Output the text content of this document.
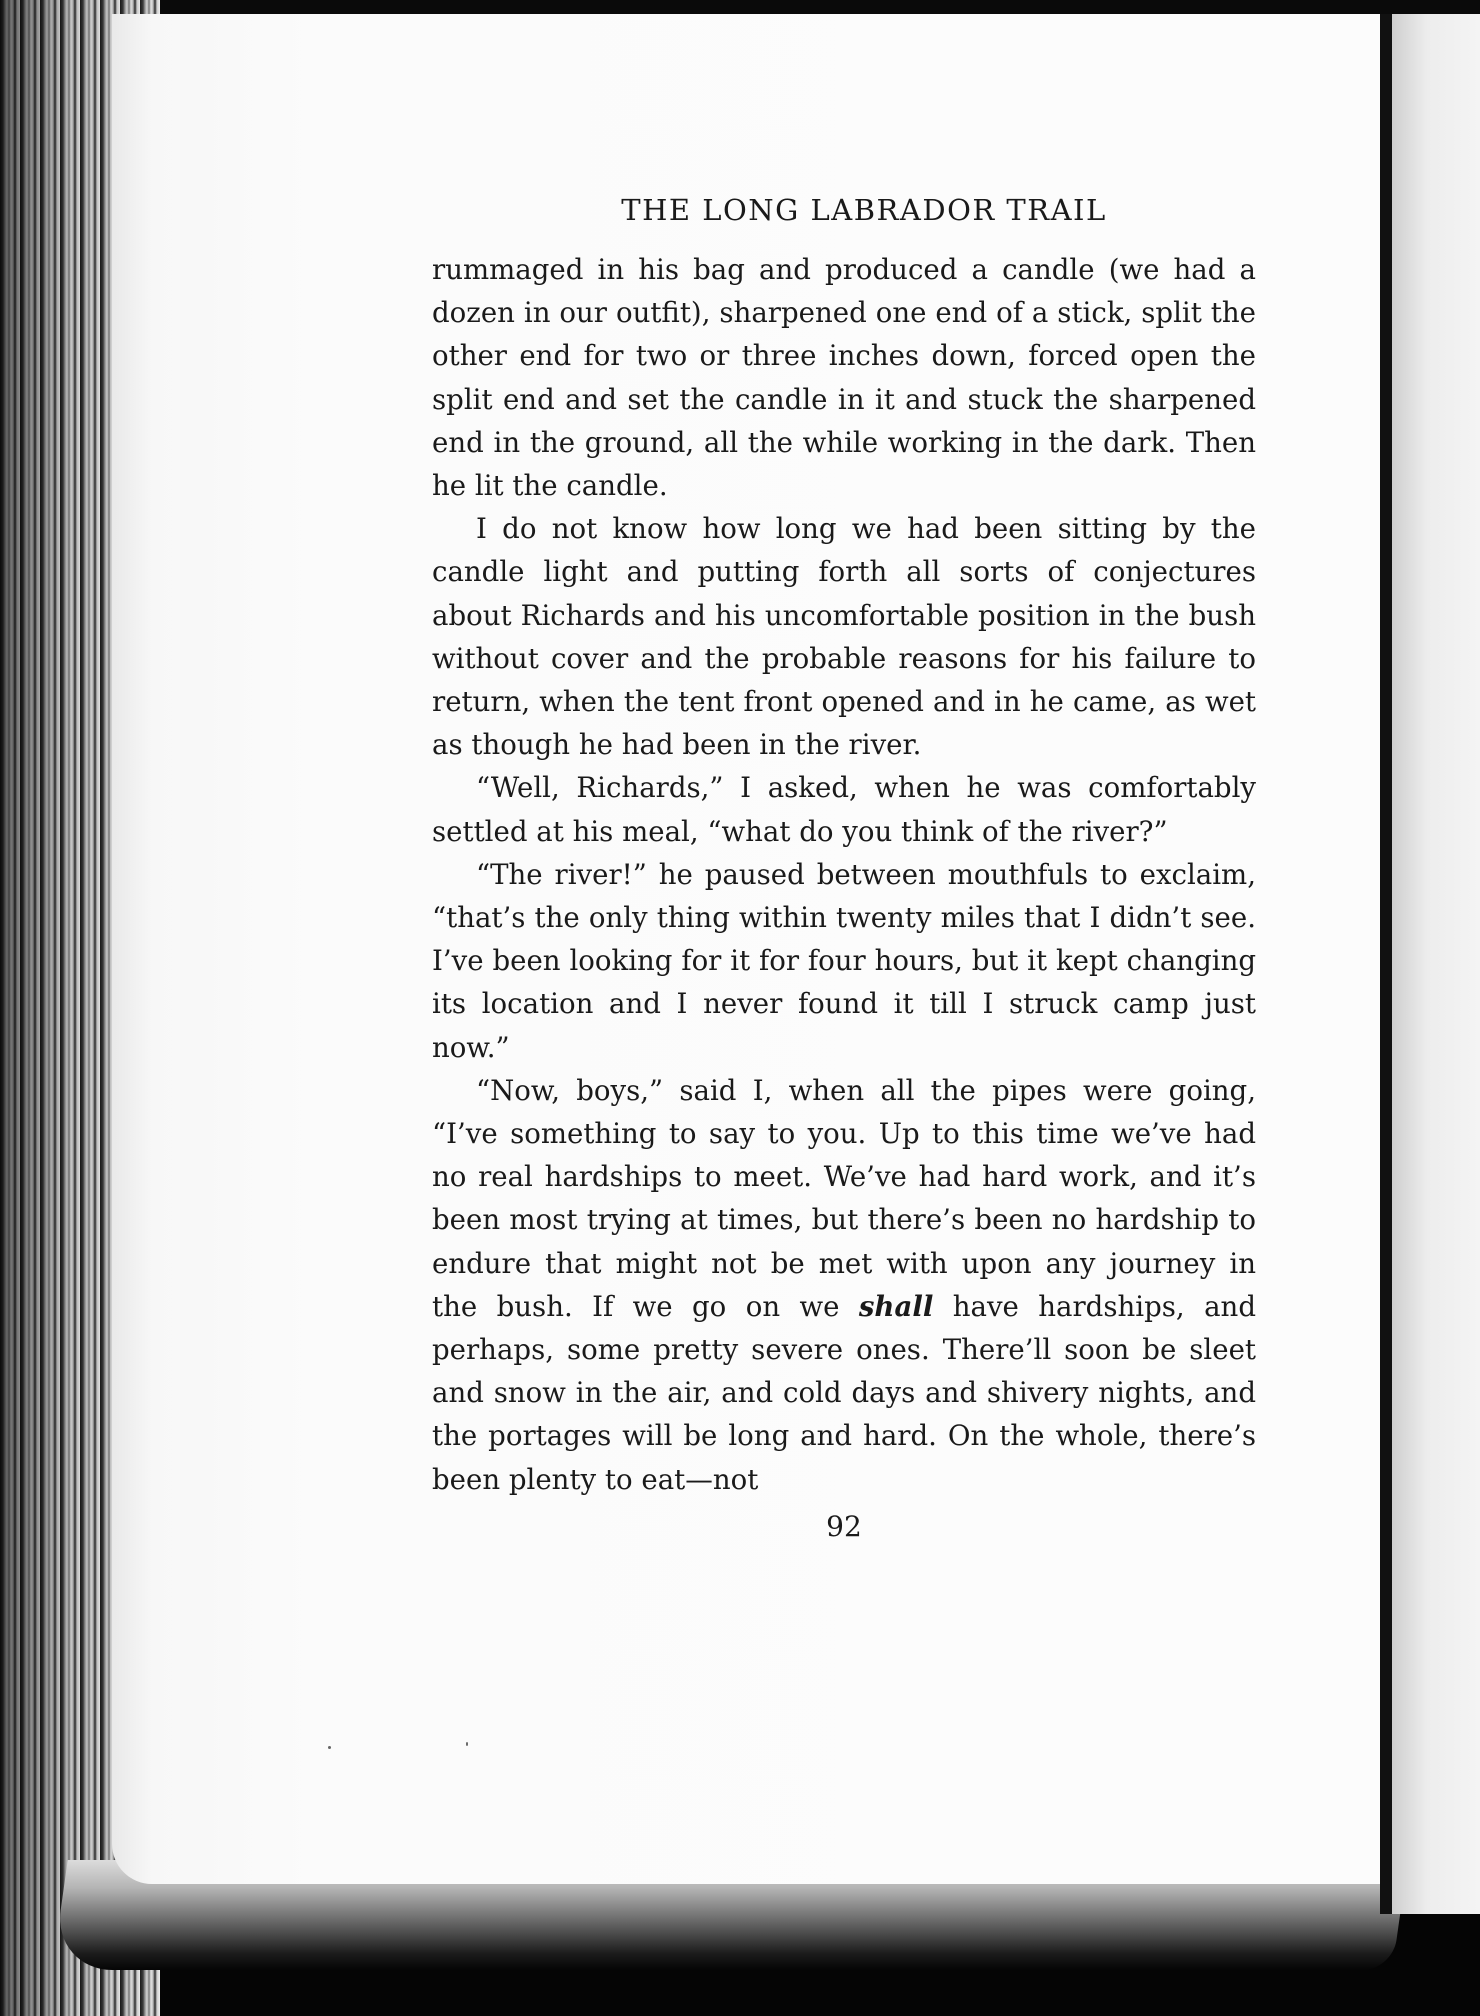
THE LONG LABRADOR TRAIL

rummaged in his bag and produced a candle (we had a dozen in our outfit), sharpened one end of a stick, split the other end for two or three inches down, forced open the split end and set the candle in it and stuck the sharpened end in the ground, all the while working in the dark. Then he lit the candle.

I do not know how long we had been sitting by the candle light and putting forth all sorts of conjectures about Richards and his uncomfortable position in the bush without cover and the probable reasons for his failure to return, when the tent front opened and in he came, as wet as though he had been in the river.

“Well, Richards,” I asked, when he was comfortably settled at his meal, “what do you think of the river?”

“The river!” he paused between mouthfuls to exclaim, “that’s the only thing within twenty miles that I didn’t see. I’ve been looking for it for four hours, but it kept changing its location and I never found it till I struck camp just now.”

“Now, boys,” said I, when all the pipes were going, “I’ve something to say to you. Up to this time we’ve had no real hardships to meet. We’ve had hard work, and it’s been most trying at times, but there’s been no hardship to endure that might not be met with upon any journey in the bush. If we go on we shall have hardships, and perhaps, some pretty severe ones. There’ll soon be sleet and snow in the air, and cold days and shivery nights, and the portages will be long and hard. On the whole, there’s been plenty to eat—not

92
